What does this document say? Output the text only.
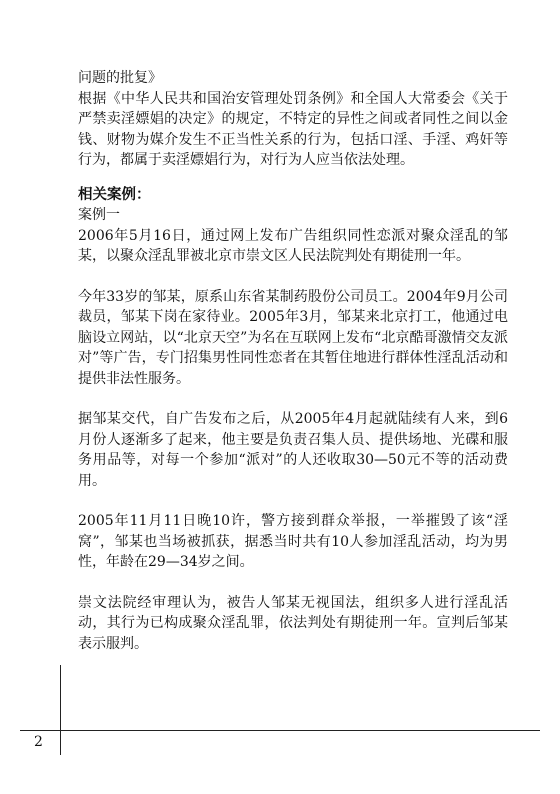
问题的批复》

根据《中华人民共和国治安管理处罚条例》和全国人大常委会《关于严禁卖淫嫖娼的决定》的规定，不特定的异性之间或者同性之间以金钱、财物为媒介发生不正当性关系的行为，包括口淫、手淫、鸡奸等行为，都属于卖淫嫖娼行为，对行为人应当依法处理。

相关案例：

案例一

2006年5月16日，通过网上发布广告组织同性恋派对聚众淫乱的邹某，以聚众淫乱罪被北京市崇文区人民法院判处有期徒刑一年。

今年33岁的邹某，原系山东省某制药股份公司员工。2004年9月公司裁员，邹某下岗在家待业。2005年3月，邹某来北京打工，他通过电脑设立网站，以“北京天空”为名在互联网上发布“北京酷哥激情交友派对”等广告，专门招集男性同性恋者在其暂住地进行群体性淫乱活动和提供非法性服务。

据邹某交代，自广告发布之后，从2005年4月起就陆续有人来，到6月份人逐渐多了起来，他主要是负责召集人员、提供场地、光碟和服务用品等，对每一个参加“派对”的人还收取30—50元不等的活动费用。

2005年11月11日晚10许，警方接到群众举报，一举摧毁了该“淫窝”，邹某也当场被抓获，据悉当时共有10人参加淫乱活动，均为男性，年龄在29—34岁之间。

崇文法院经审理认为，被告人邹某无视国法，组织多人进行淫乱活动，其行为已构成聚众淫乱罪，依法判处有期徒刑一年。宣判后邹某表示服判。

2
